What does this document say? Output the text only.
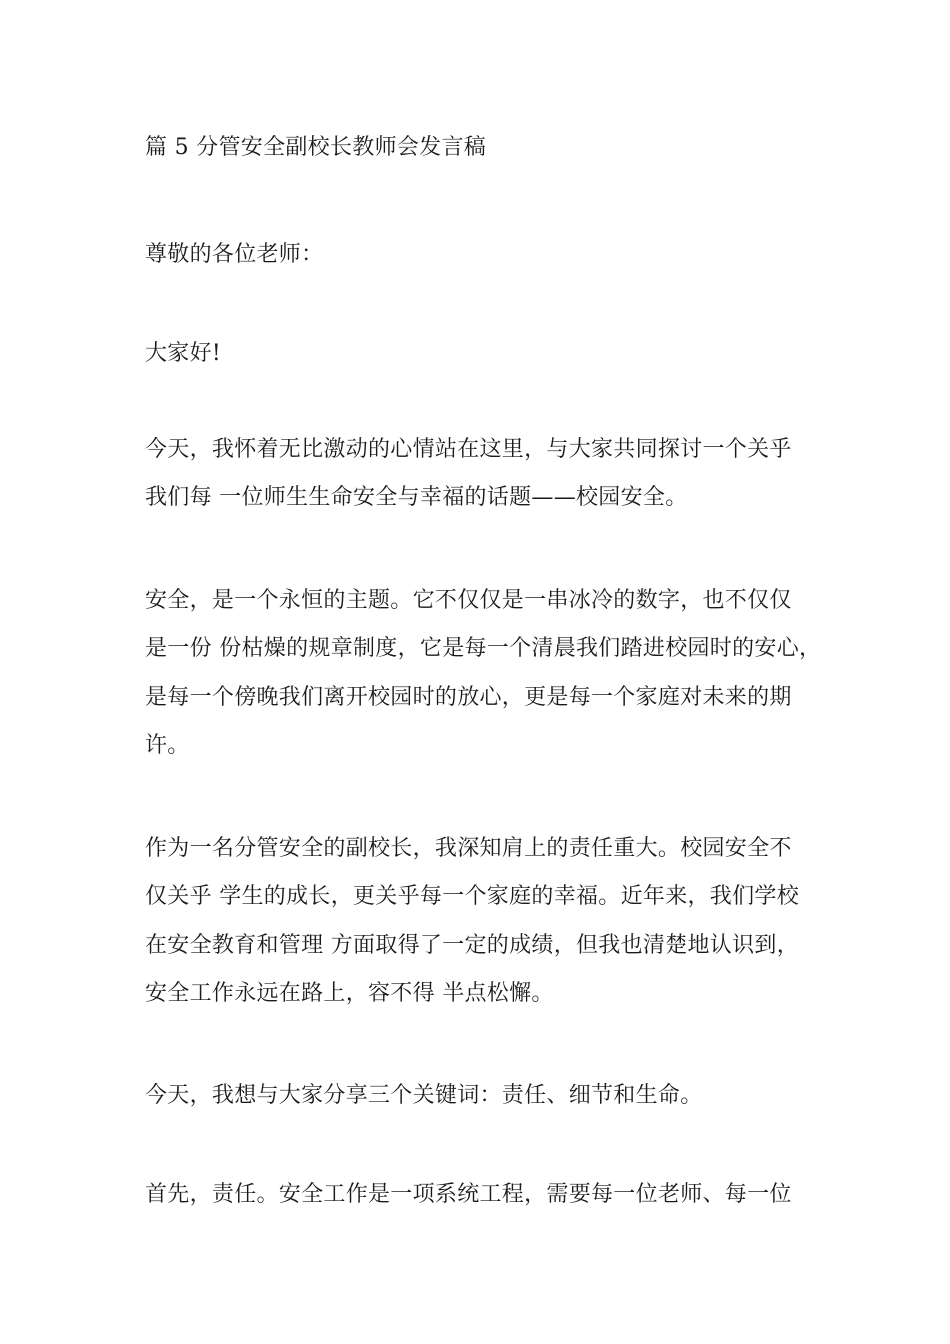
篇 5 分管安全副校长教师会发言稿
尊敬的各位老师：
大家好!
今天，我怀着无比激动的心情站在这里，与大家共同探讨一个关乎
我们每 一位师生生命安全与幸福的话题——校园安全。
安全，是一个永恒的主题。它不仅仅是一串冰冷的数字，也不仅仅
是一份 份枯燥的规章制度，它是每一个清晨我们踏进校园时的安心，
是每一个傍晚我们离开校园时的放心，更是每一个家庭对未来的期
许。
作为一名分管安全的副校长，我深知肩上的责任重大。校园安全不
仅关乎 学生的成长，更关乎每一个家庭的幸福。近年来，我们学校
在安全教育和管理 方面取得了一定的成绩，但我也清楚地认识到，
安全工作永远在路上，容不得 半点松懈。
今天，我想与大家分享三个关键词：责任、细节和生命。
首先，责任。安全工作是一项系统工程，需要每一位老师、每一位
